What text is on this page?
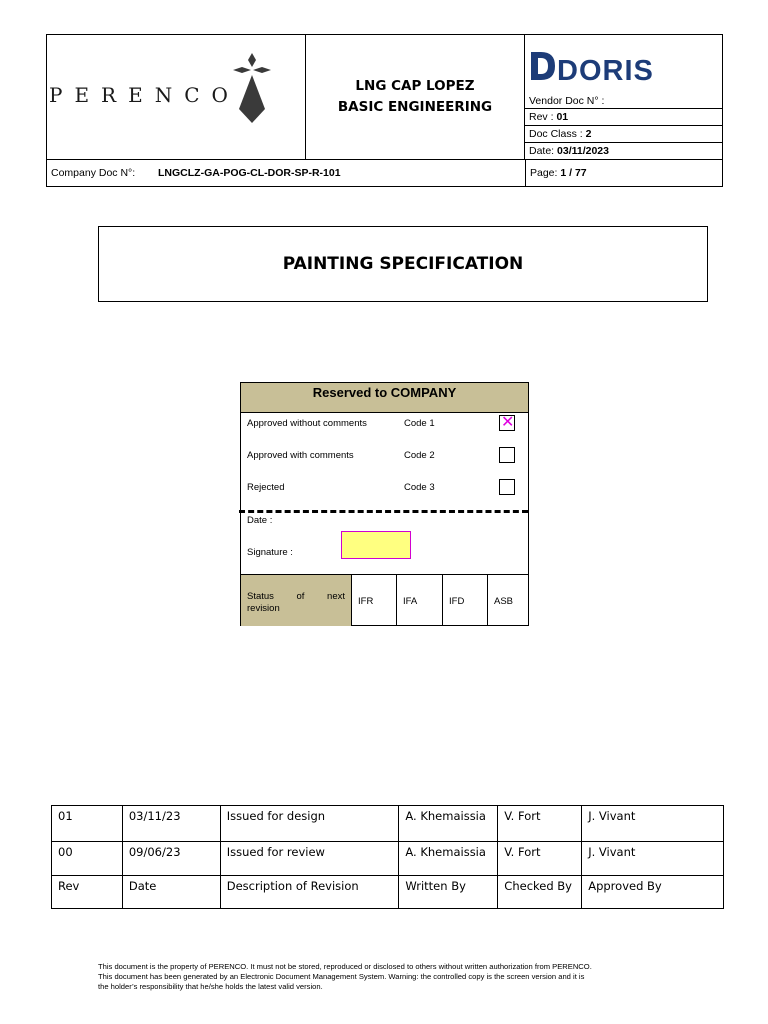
PERENCO	LNG CAP LOPEZ
BASIC ENGINEERING
DORIS
Vendor Doc N° :
Rev : 01
Doc Class : 2
Date: 03/11/2023
Company Doc N°: LNGCLZ-GA-POG-CL-DOR-SP-R-101	Page: 1 / 77
PAINTING SPECIFICATION
Reserved to COMPANY
Approved without comments	Code 1	✕
Approved with comments	Code 2
Rejected	Code 3
Date :
Signature :
Status of next
revision
IFR	IFA	IFD	ASB
01	03/11/23	Issued for design	A. Khemaissia	V. Fort	J. Vivant
00	09/06/23	Issued for review	A. Khemaissia	V. Fort	J. Vivant
Rev	Date	Description of Revision	Written By	Checked By	Approved By
This document is the property of PERENCO. It must not be stored, reproduced or disclosed to others without written authorization from PERENCO.
This document has been generated by an Electronic Document Management System. Warning: the controlled copy is the screen version and it is
the holder’s responsibility that he/she holds the latest valid version.
